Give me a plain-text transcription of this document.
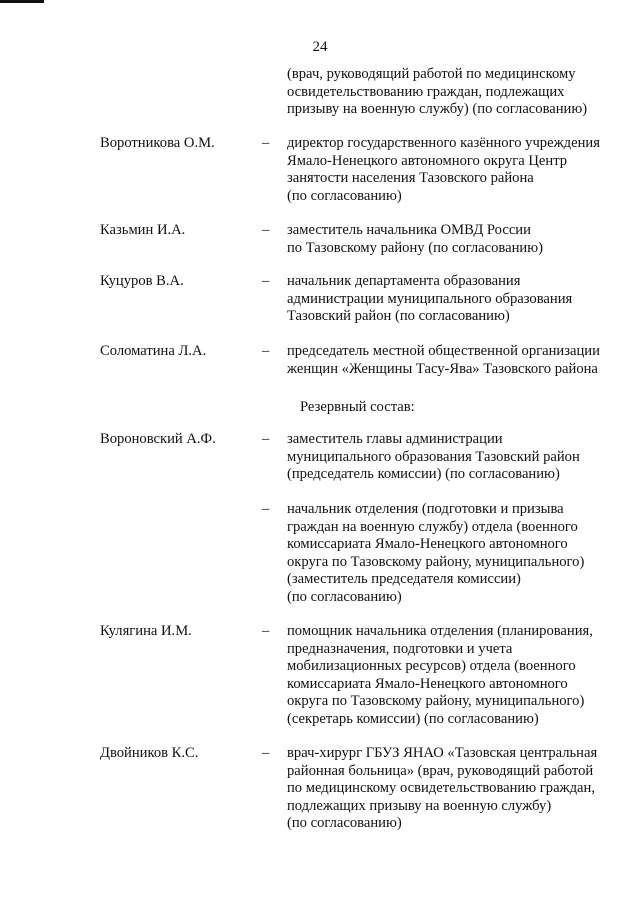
24
(врач, руководящий работой по медицинскому
освидетельствованию граждан, подлежащих
призыву на военную службу) (по согласованию)
Воротникова О.М.	– директор государственного казённого учреждения
Ямало-Ненецкого автономного округа Центр
занятости населения Тазовского района
(по согласованию)
Казьмин И.А.	– заместитель начальника ОМВД России
по Тазовскому району (по согласованию)
Куцуров В.А.	– начальник департамента образования
администрации муниципального образования
Тазовский район (по согласованию)
Соломатина Л.А.	– председатель местной общественной организации
женщин «Женщины Тасу-Ява» Тазовского района
Резервный состав:
Вороновский А.Ф.	– заместитель главы администрации
муниципального образования Тазовский район
(председатель комиссии) (по согласованию)
– начальник отделения (подготовки и призыва
граждан на военную службу) отдела (военного
комиссариата Ямало-Ненецкого автономного
округа по Тазовскому району, муниципального)
(заместитель председателя комиссии)
(по согласованию)
Кулягина И.М.	– помощник начальника отделения (планирования,
предназначения, подготовки и учета
мобилизационных ресурсов) отдела (военного
комиссариата Ямало-Ненецкого автономного
округа по Тазовскому району, муниципального)
(секретарь комиссии) (по согласованию)
Двойников К.С.	– врач-хирург ГБУЗ ЯНАО «Тазовская центральная
районная больница» (врач, руководящий работой
по медицинскому освидетельствованию граждан,
подлежащих призыву на военную службу)
(по согласованию)
